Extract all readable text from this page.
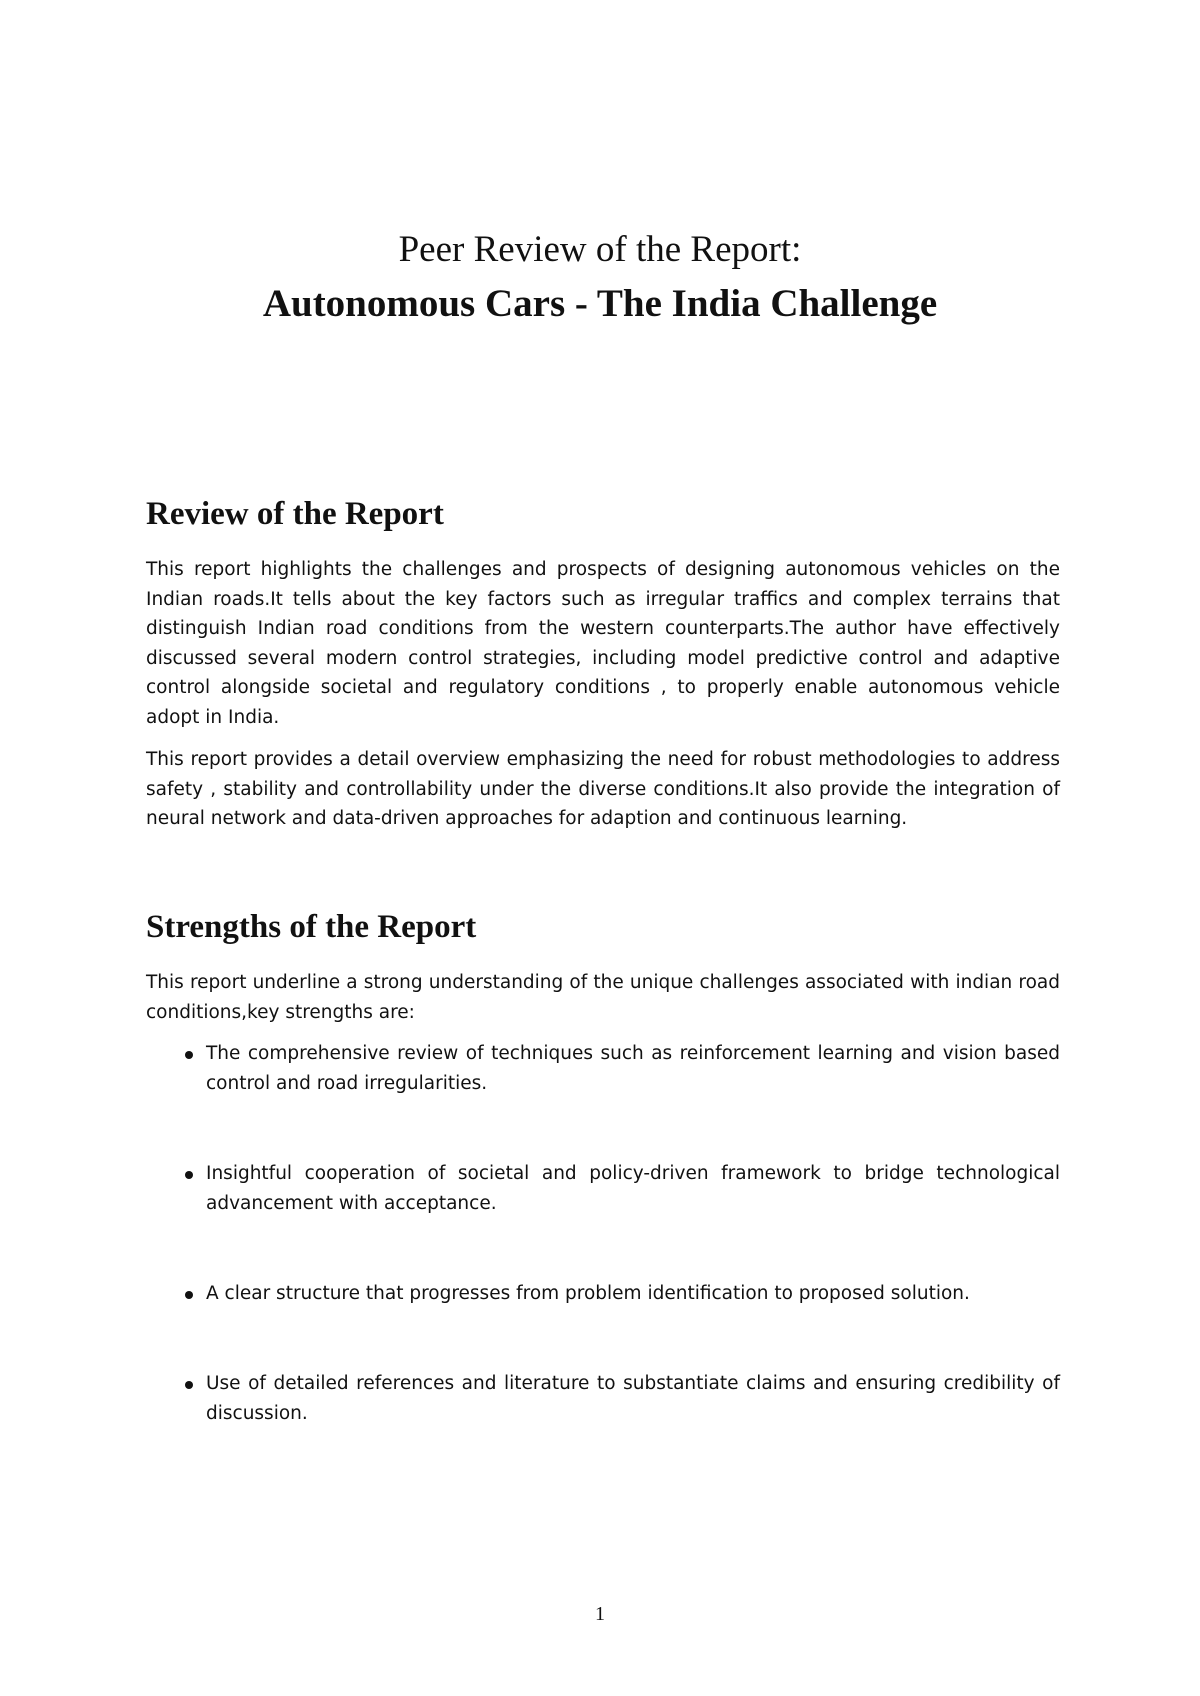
Peer Review of the Report:
Autonomous Cars - The India Challenge
Review of the Report

This report highlights the challenges and prospects of designing autonomous vehicles on the Indian roads.It tells about the key factors such as irregular traffics and complex terrains that distinguish Indian road conditions from the western counterparts.The author have effectively discussed several modern control strategies, including model predictive control and adaptive control alongside societal and regulatory conditions , to properly enable autonomous vehicle adopt in India.

This report provides a detail overview emphasizing the need for robust methodologies to address safety , stability and controllability under the diverse conditions.It also provide the integration of neural network and data-driven approaches for adaption and continuous learning.

Strengths of the Report

This report underline a strong understanding of the unique challenges associated with indian road conditions,key strengths are:

The comprehensive review of techniques such as reinforcement learning and vision based control and road irregularities.
Insightful cooperation of societal and policy-driven framework to bridge technological advancement with acceptance.
A clear structure that progresses from problem identification to proposed solution.
Use of detailed references and literature to substantiate claims and ensuring credibility of discussion.
1
